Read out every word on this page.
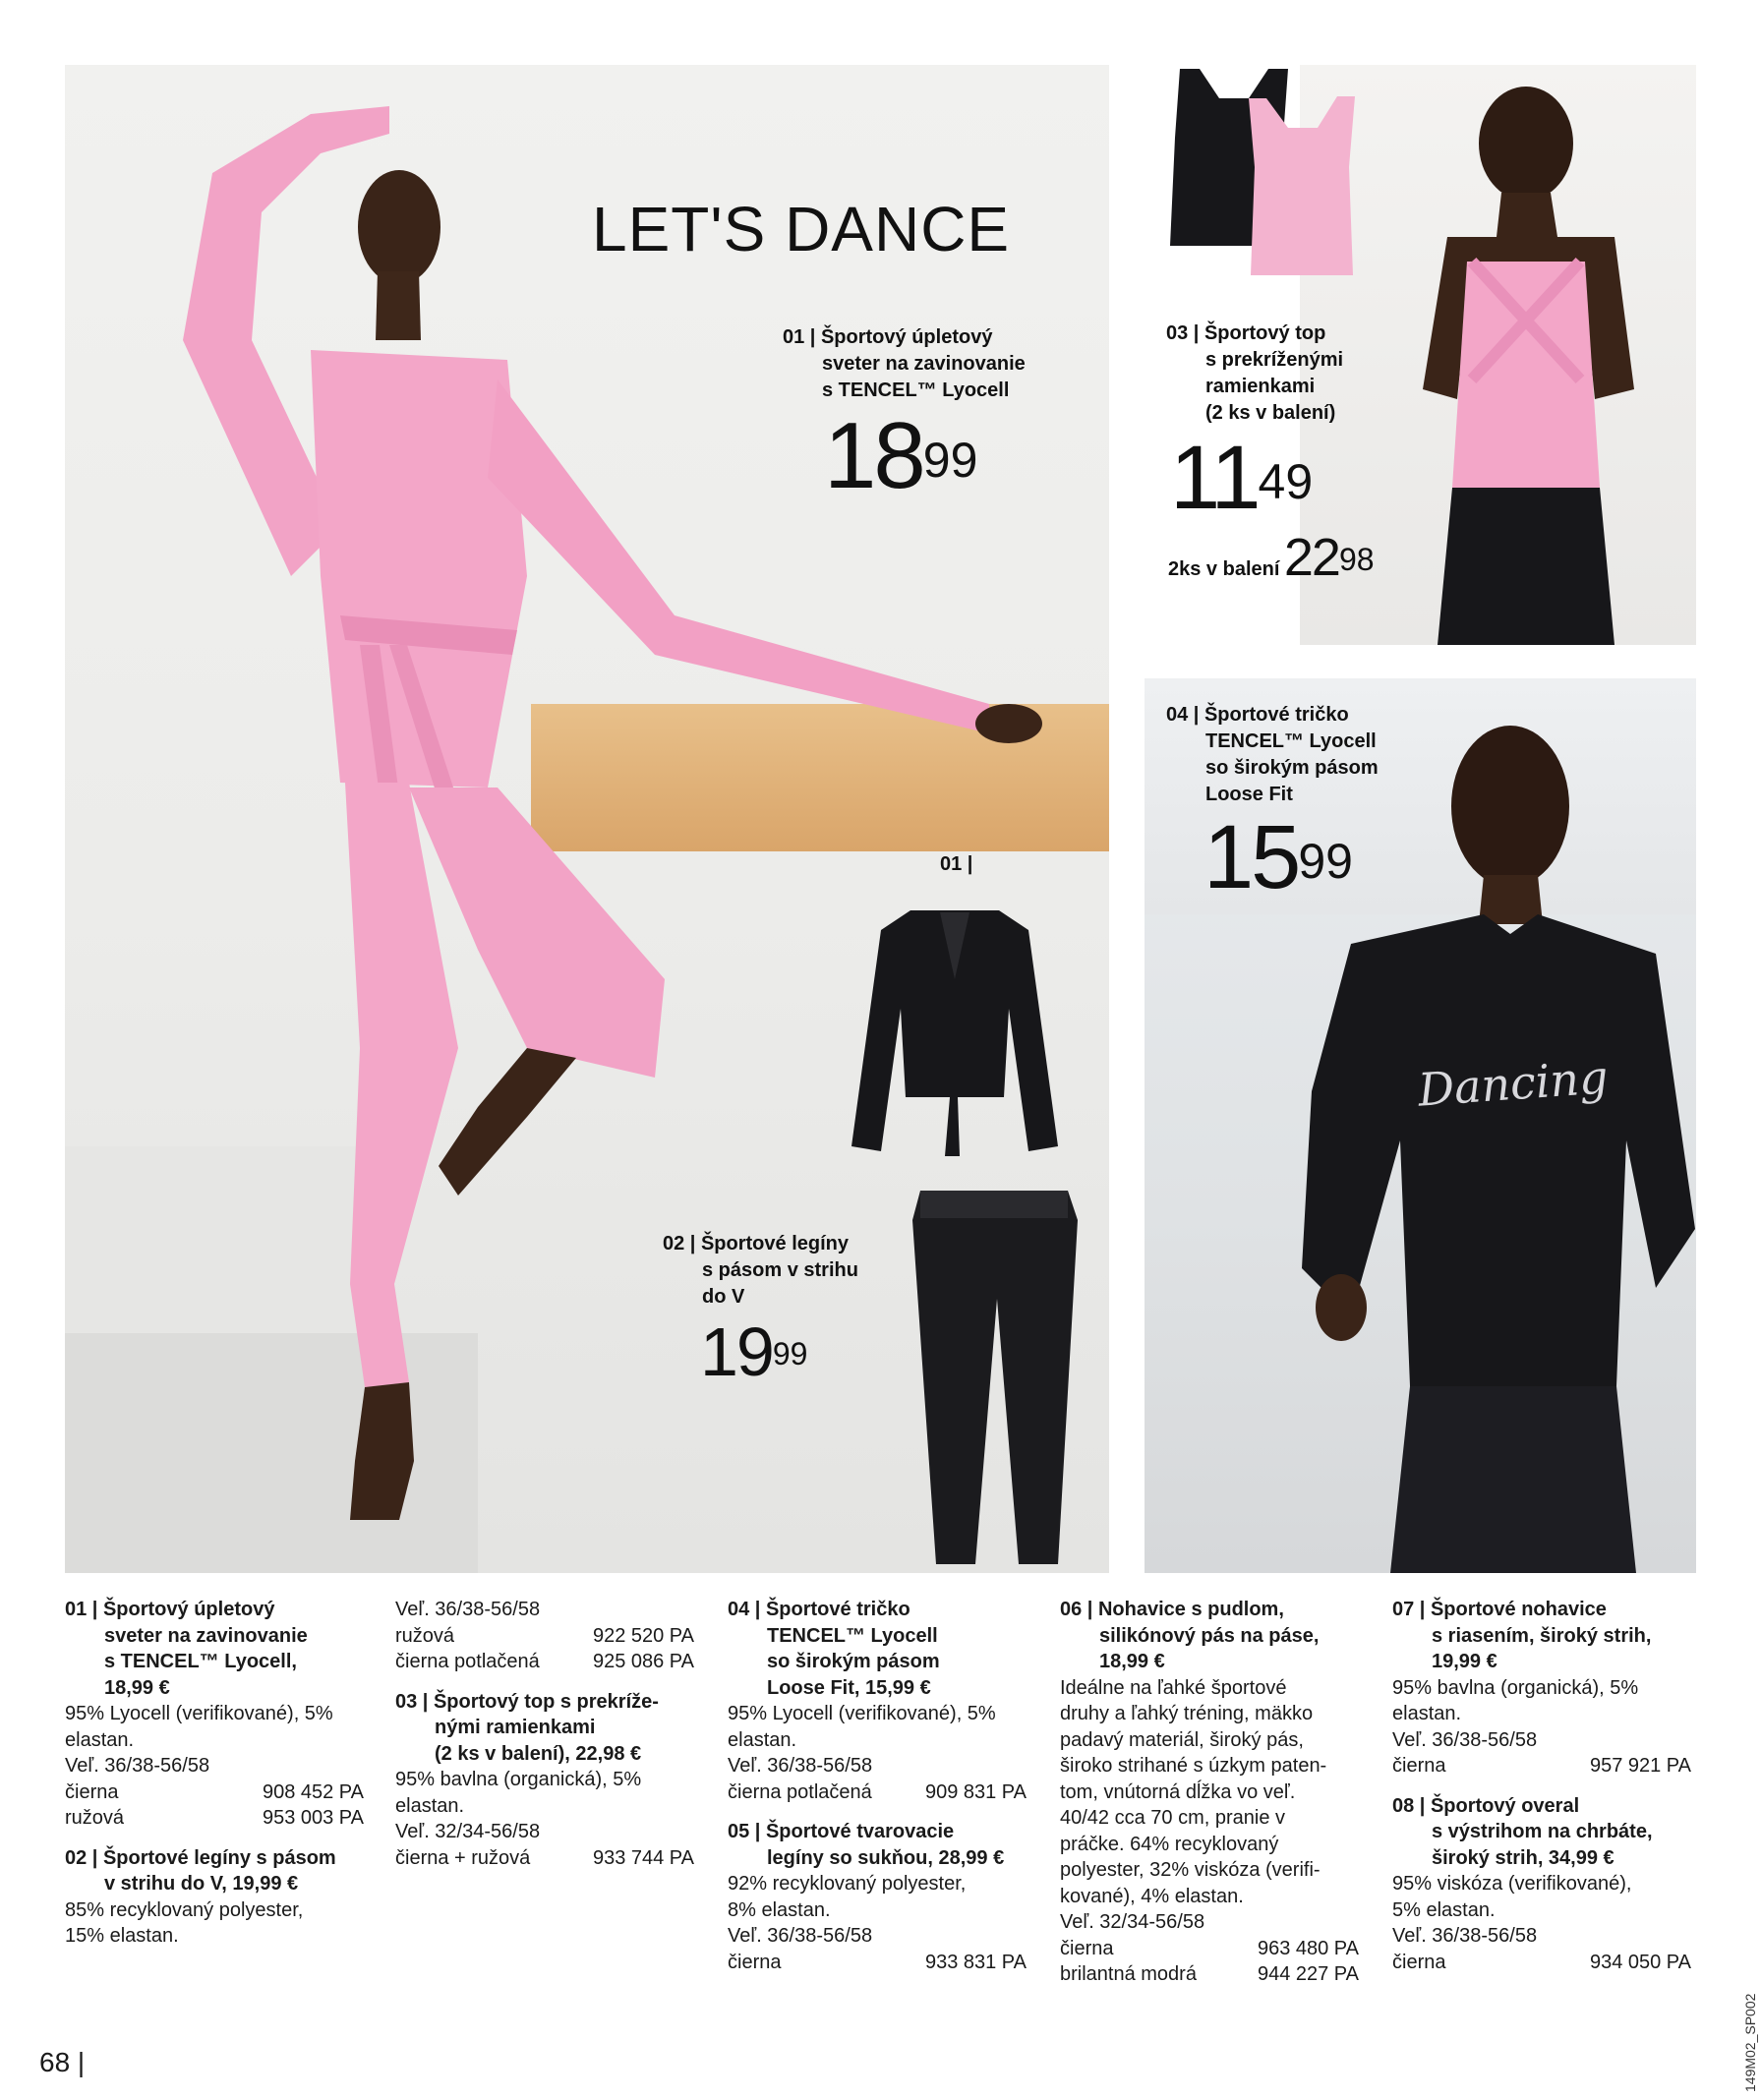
LET'S DANCE
01 | Športový úpletový
sveter na zavinovanie
s TENCEL™ Lyocell
$18^{99}$
01 |
02 | Športové legíny
s pásom v strihu
do V
$19^{99}$
03 | Športový top
s prekríženými
ramienkami
(2 ks v balení)
$11^{49}$
2ks v balení $22^{98}$
Dancing
04 | Športové tričko
TENCEL™ Lyocell
so širokým pásom
Loose Fit
$15^{99}$
01 | Športový úpletový
sveter na zavinovanie
s TENCEL™ Lyocell,
18,99 €
95% Lyocell (verifikované), 5%
elastan.
Veľ. 36/38-56/58
čierna	908 452 PA
ružová	953 003 PA
02 | Športové legíny s pásom
v strihu do V, 19,99 €
85% recyklovaný polyester,
15% elastan.
Veľ. 36/38-56/58
ružová	922 520 PA
čierna potlačená	925 086 PA
03 | Športový top s prekríže-
nými ramienkami
(2 ks v balení), 22,98 €
95% bavlna (organická), 5%
elastan.
Veľ. 32/34-56/58
čierna + ružová	933 744 PA
04 | Športové tričko
TENCEL™ Lyocell
so širokým pásom
Loose Fit, 15,99 €
95% Lyocell (verifikované), 5%
elastan.
Veľ. 36/38-56/58
čierna potlačená	909 831 PA
05 | Športové tvarovacie
legíny so sukňou, 28,99 €
92% recyklovaný polyester,
8% elastan.
Veľ. 36/38-56/58
čierna	933 831 PA
06 | Nohavice s pudlom,
silikónový pás na páse,
18,99 €
Ideálne na ľahké športové
druhy a ľahký tréning, mäkko
padavý materiál, široký pás,
široko strihané s úzkym paten-
tom, vnútorná dĺžka vo veľ.
40/42 cca 70 cm, pranie v
práčke. 64% recyklovaný
polyester, 32% viskóza (verifi-
kované), 4% elastan.
Veľ. 32/34-56/58
čierna	963 480 PA
brilantná modrá	944 227 PA
07 | Športové nohavice
s riasením, široký strih,
19,99 €
95% bavlna (organická), 5%
elastan.
Veľ. 36/38-56/58
čierna	957 921 PA
08 | Športový overal
s výstrihom na chrbáte,
široký strih, 34,99 €
95% viskóza (verifikované),
5% elastan.
Veľ. 36/38-56/58
čierna	934 050 PA
68 |	149M02_SP002
